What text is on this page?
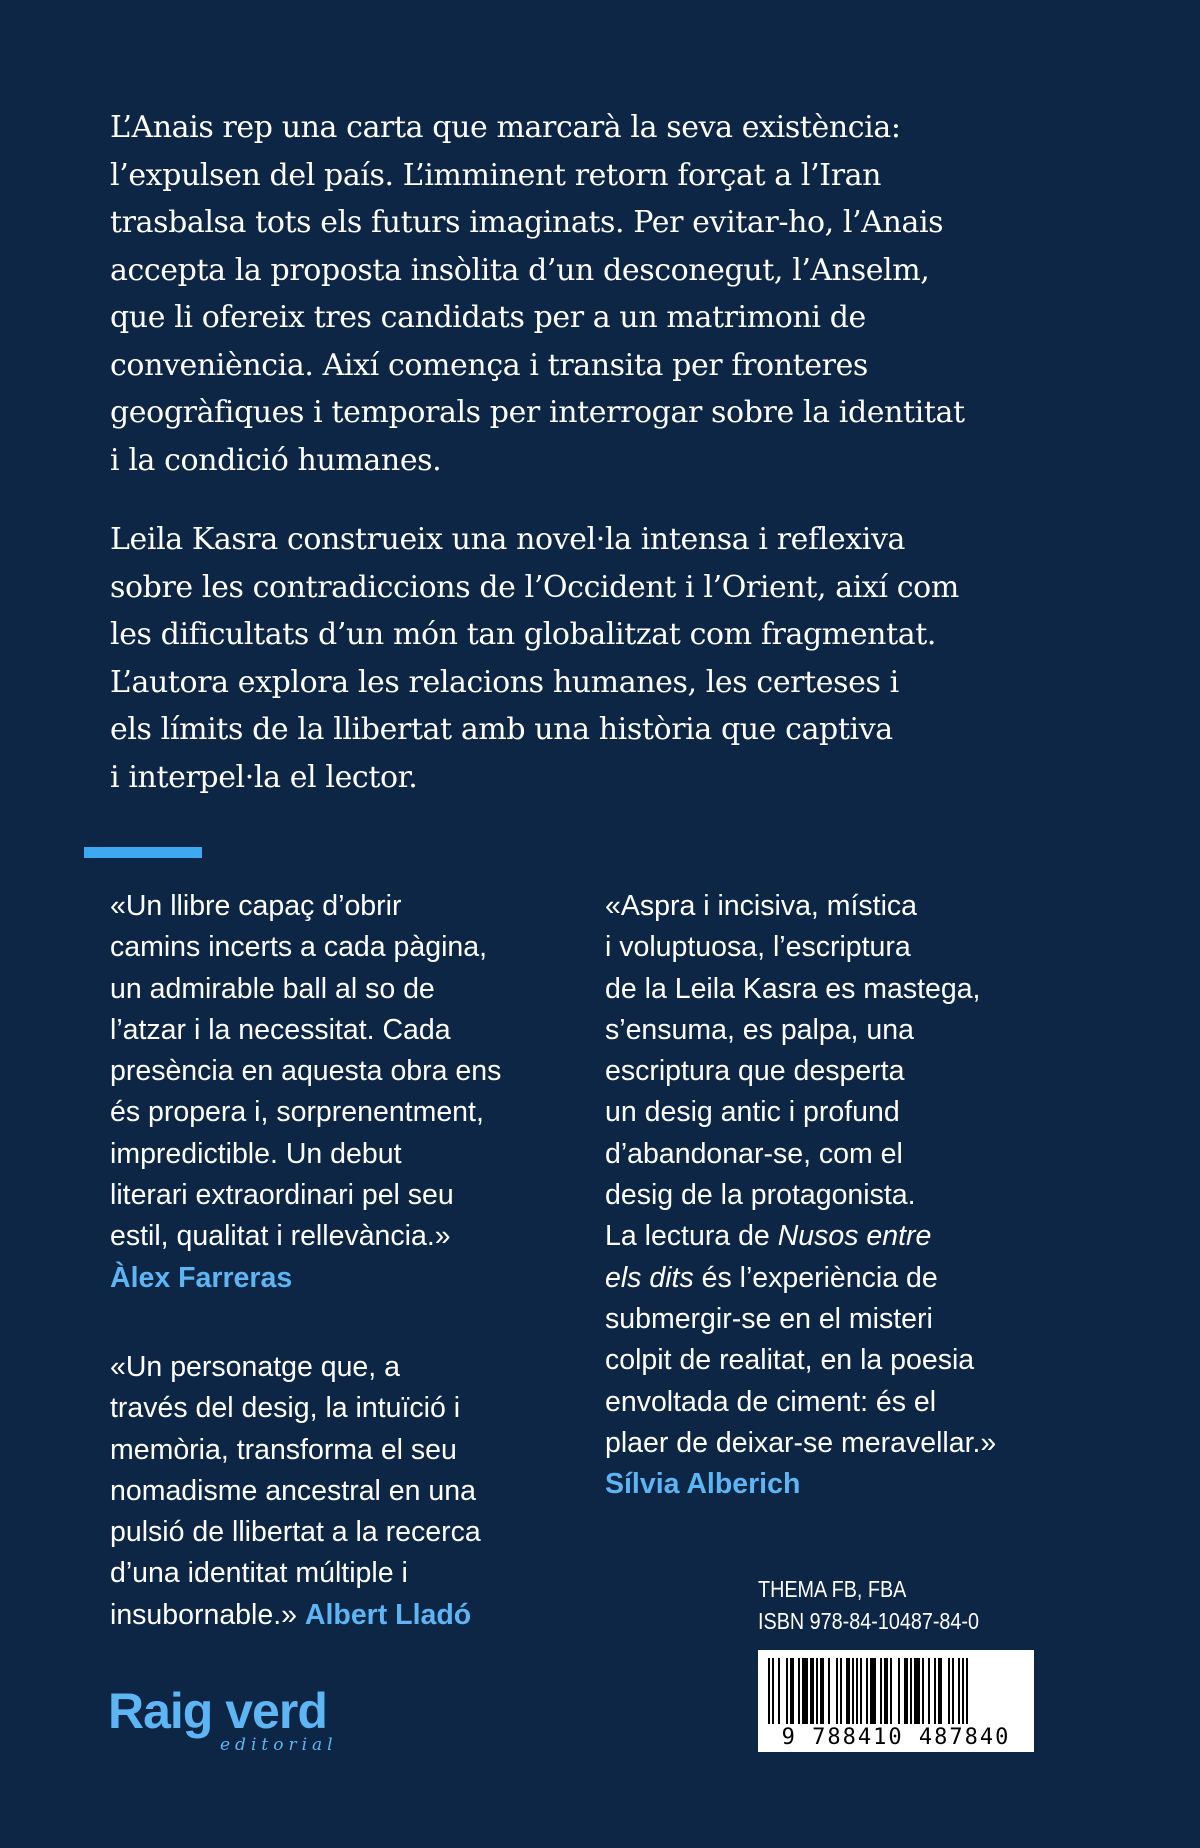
L’Anais rep una carta que marcarà la seva existència:
l’expulsen del país. L’imminent retorn forçat a l’Iran
trasbalsa tots els futurs imaginats. Per evitar-ho, l’Anais
accepta la proposta insòlita d’un desconegut, l’Anselm,
que li ofereix tres candidats per a un matrimoni de
conveniència. Així comença i transita per fronteres
geogràfiques i temporals per interrogar sobre la identitat
i la condició humanes.

Leila Kasra construeix una novel·la intensa i reflexiva
sobre les contradiccions de l’Occident i l’Orient, així com
les dificultats d’un món tan globalitzat com fragmentat.
L’autora explora les relacions humanes, les certeses i
els límits de la llibertat amb una història que captiva
i interpel·la el lector.

«Un llibre capaç d’obrir
camins incerts a cada pàgina,
un admirable ball al so de
l’atzar i la necessitat. Cada
presència en aquesta obra ens
és propera i, sorprenentment,
impredictible. Un debut
literari extraordinari pel seu
estil, qualitat i rellevància.»
Àlex Farreras
«Un personatge que, a
través del desig, la intuïció i
memòria, transforma el seu
nomadisme ancestral en una
pulsió de llibertat a la recerca
d’una identitat múltiple i
insubornable.» Albert Lladó
«Aspra i incisiva, mística
i voluptuosa, l’escriptura
de la Leila Kasra es mastega,
s’ensuma, es palpa, una
escriptura que desperta
un desig antic i profund
d’abandonar-se, com el
desig de la protagonista.
La lectura de Nusos entre
els dits és l’experiència de
submergir-se en el misteri
colpit de realitat, en la poesia
envoltada de ciment: és el
plaer de deixar-se meravellar.»
Sílvia Alberich
Raig verd
editorial
THEMA FB, FBA
ISBN 978-84-10487-84-0
9 788410 487840
